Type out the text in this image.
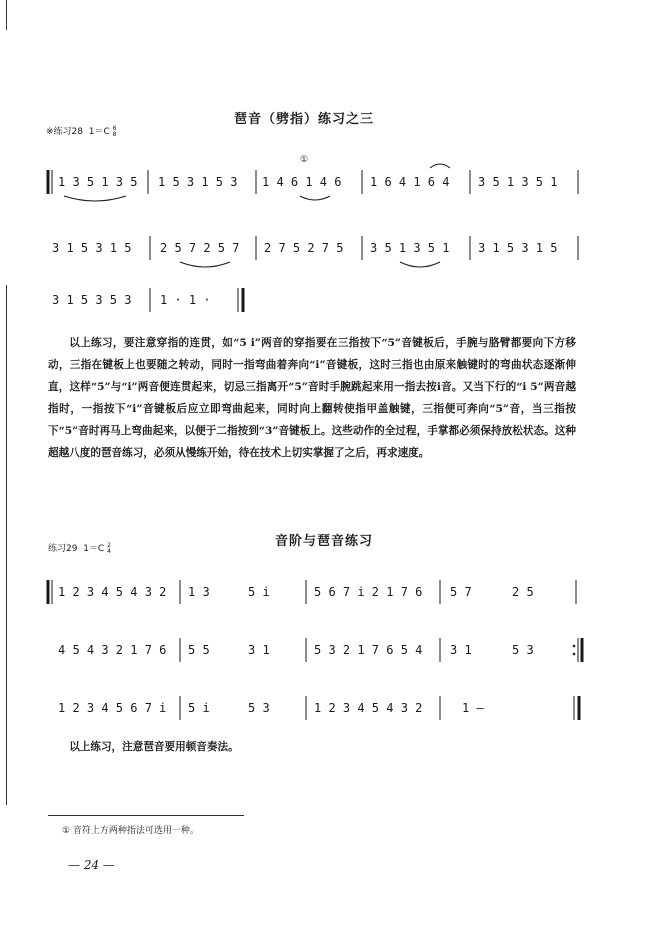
琶音（劈指）练习之三
※练习28 1＝C 6
8
1 3 5 1 3 5 1 5 3 1 5 3 1 4 6 1 4 6
①
1 6 4 1 6 4 3 5 1 3 5 1
3 1 5 3 1 5 2 5 7 2 5 7 2 7 5 2 7 5 3 5 1 3 5 1 3 1 5 3 1 5
3 1 5 3 5 3 1 · 1 ·

以上练习，要注意穿指的连贯，如“5 i”两音的穿指要在三指按下“5”音键板后，手腕与胳臂都要向下方移动，三指在键板上也要随之转动，同时一指弯曲着奔向“i”音键板，这时三指也由原来触键时的弯曲状态逐渐伸直，这样“5”与“i”两音便连贯起来，切忌三指离开“5”音时手腕跳起来用一指去按i音。又当下行的“i 5”两音越指时，一指按下“i”音键板后应立即弯曲起来，同时向上翻转使指甲盖触键，三指便可奔向“5”音，当三指按下“5”音时再马上弯曲起来，以便于二指按到“3”音键板上。这些动作的全过程，手掌都必须保持放松状态。这种超越八度的琶音练习，必须从慢练开始，待在技术上切实掌握了之后，再求速度。

音阶与琶音练习
练习29 1＝C 2
4
1 2 3 4 5 4 3 2 1 3	5 i	5 6 7 i 2 1 7 6 5 7	2 5
4 5 4 3 2 1 7 6 5 5	3 1	5 3 2 1 7 6 5 4 3 1	5 3
1 2 3 4 5 6 7 i 5 i	5 3	1 2 3 4 5 4 3 2	1 —

以上练习，注意琶音要用顿音奏法。

① 音符上方两种指法可选用一种。
— 24 —
